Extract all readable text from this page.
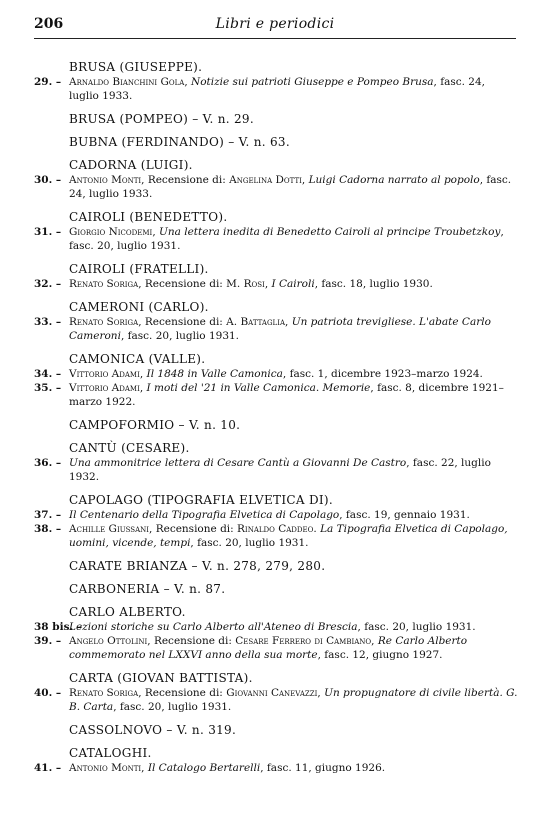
206	Libri e periodici
BRUSA (GIUSEPPE).
29. – Arnaldo Bianchini Gola, Notizie sui patrioti Giuseppe e Pompeo Brusa, fasc. 24, luglio 1933.
BRUSA (POMPEO) – V. n. 29.
BUBNA (FERDINANDO) – V. n. 63.
CADORNA (LUIGI).
30. – Antonio Monti, Recensione di: Angelina Dotti, Luigi Cadorna narrato al popolo, fasc. 24, luglio 1933.
CAIROLI (BENEDETTO).
31. – Giorgio Nicodemi, Una lettera inedita di Benedetto Cairoli al principe Troubetzkoy, fasc. 20, luglio 1931.
CAIROLI (FRATELLI).
32. – Renato Soriga, Recensione di: M. Rosi, I Cairoli, fasc. 18, luglio 1930.
CAMERONI (CARLO).
33. – Renato Soriga, Recensione di: A. Battaglia, Un patriota trevigliese. L'abate Carlo Cameroni, fasc. 20, luglio 1931.
CAMONICA (VALLE).
34. – Vittorio Adami, Il 1848 in Valle Camonica, fasc. 1, dicembre 1923–marzo 1924.
35. – Vittorio Adami, I moti del '21 in Valle Camonica. Memorie, fasc. 8, dicembre 1921–marzo 1922.
CAMPOFORMIO – V. n. 10.
CANTÙ (CESARE).
36. – Una ammonitrice lettera di Cesare Cantù a Giovanni De Castro, fasc. 22, luglio 1932.
CAPOLAGO (TIPOGRAFIA ELVETICA DI).
37. – Il Centenario della Tipografia Elvetica di Capolago, fasc. 19, gennaio 1931.
38. – Achille Giussani, Recensione di: Rinaldo Caddeo. La Tipografia Elvetica di Capolago, uomini, vicende, tempi, fasc. 20, luglio 1931.
CARATE BRIANZA – V. n. 278, 279, 280.
CARBONERIA – V. n. 87.
CARLO ALBERTO.
38 bis. –
Lezioni storiche su Carlo Alberto all'Ateneo di Brescia, fasc. 20, luglio 1931.
39. – Angelo Ottolini, Recensione di: Cesare Ferrero di Cambiano, Re Carlo Alberto commemorato nel LXXVI anno della sua morte, fasc. 12, giugno 1927.
CARTA (GIOVAN BATTISTA).
40. – Renato Soriga, Recensione di: Giovanni Canevazzi, Un propugnatore di civile libertà. G. B. Carta, fasc. 20, luglio 1931.
CASSOLNOVO – V. n. 319.
CATALOGHI.
41. – Antonio Monti, Il Catalogo Bertarelli, fasc. 11, giugno 1926.
